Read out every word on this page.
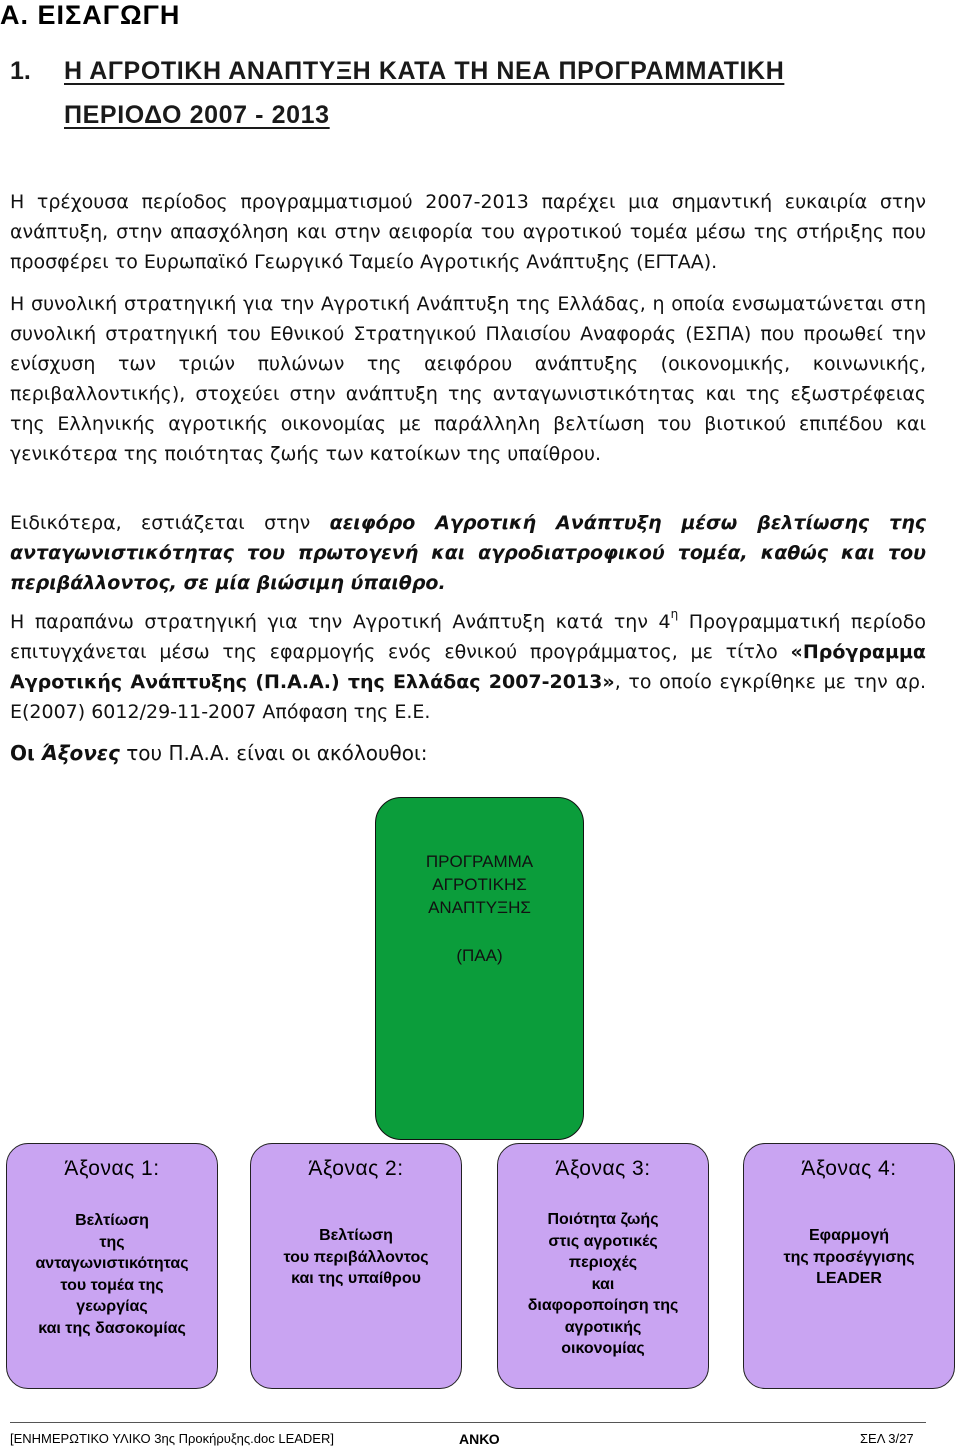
Α. ΕΙΣΑΓΩΓΗ
1. Η ΑΓΡΟΤΙΚΗ ΑΝΑΠΤΥΞΗ ΚΑΤΑ ΤΗ ΝΕΑ ΠΡΟΓΡΑΜΜΑΤΙΚΗ
ΠΕΡΙΟΔΟ 2007 - 2013

Η τρέχουσα περίοδος προγραμματισμού 2007-2013 παρέχει μια σημαντική ευκαιρία στην ανάπτυξη, στην απασχόληση και στην αειφορία του αγροτικού τομέα μέσω της στήριξης που προσφέρει το Ευρωπαϊκό Γεωργικό Ταμείο Αγροτικής Ανάπτυξης (ΕΓΤΑΑ).

Η συνολική στρατηγική για την Αγροτική Ανάπτυξη της Ελλάδας, η οποία ενσωματώνεται στη συνολική στρατηγική του Εθνικού Στρατηγικού Πλαισίου Αναφοράς (ΕΣΠΑ) που προωθεί την ενίσχυση των τριών πυλώνων της αειφόρου ανάπτυξης (οικονομικής, κοινωνικής, περιβαλλοντικής), στοχεύει στην ανάπτυξη της ανταγωνιστικότητας και της εξωστρέφειας της Ελληνικής αγροτικής οικονομίας με παράλληλη βελτίωση του βιοτικού επιπέδου και γενικότερα της ποιότητας ζωής των κατοίκων της υπαίθρου.

Ειδικότερα, εστιάζεται στην αειφόρο Αγροτική Ανάπτυξη μέσω βελτίωσης της ανταγωνιστικότητας του πρωτογενή και αγροδιατροφικού τομέα, καθώς και του περιβάλλοντος, σε μία βιώσιμη ύπαιθρο.

Η παραπάνω στρατηγική για την Αγροτική Ανάπτυξη κατά την $4^\eta$ Προγραμματική περίοδο επιτυγχάνεται μέσω της εφαρμογής ενός εθνικού προγράμματος, με τίτλο «Πρόγραμμα Αγροτικής Ανάπτυξης (Π.Α.Α.) της Ελλάδας 2007-2013», το οποίο εγκρίθηκε με την αρ. Ε(2007) 6012/29-11-2007 Απόφαση της Ε.Ε.

Οι Άξονες του Π.Α.Α. είναι οι ακόλουθοι:

ΠΡΟΓΡΑΜΜΑ
ΑΓΡΟΤΙΚΗΣ
ΑΝΑΠΤΥΞΗΣ
(ΠΑΑ)
Άξονας 1:
Βελτίωση
της
ανταγωνιστικότητας
του τομέα της
γεωργίας
και της δασοκομίας
Άξονας 2:
Βελτίωση
του περιβάλλοντος
και της υπαίθρου
Άξονας 3:
Ποιότητα ζωής
στις αγροτικές
περιοχές
και
διαφοροποίηση της
αγροτικής
οικονομίας
Άξονας 4:
Εφαρμογή
της προσέγγισης
LEADER
[ΕΝΗΜΕΡΩΤΙΚΟ ΥΛΙΚΟ 3ης Προκήρυξης.doc LEADER]	ΑΝΚΟ	ΣΕΛ 3/27
